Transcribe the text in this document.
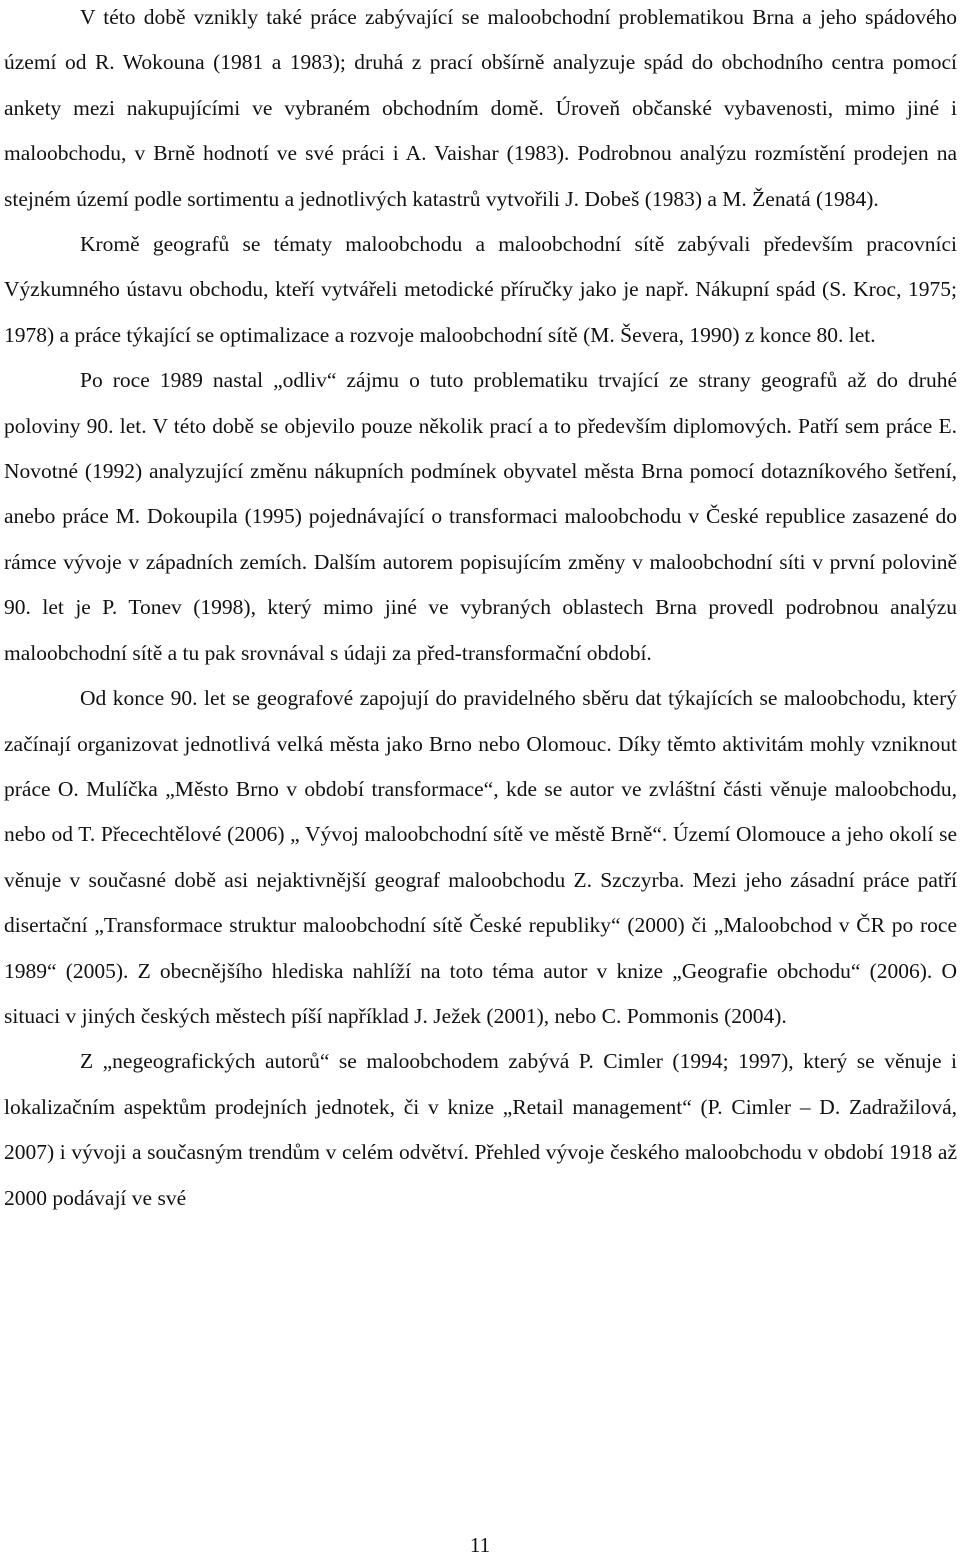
V této době vznikly také práce zabývající se maloobchodní problematikou Brna a jeho spádového území od R. Wokouna (1981 a 1983); druhá z prací obšírně analyzuje spád do obchodního centra pomocí ankety mezi nakupujícími ve vybraném obchodním domě. Úroveň občanské vybavenosti, mimo jiné i maloobchodu, v Brně hodnotí ve své práci i A. Vaishar (1983). Podrobnou analýzu rozmístění prodejen na stejném území podle sortimentu a jednotlivých katastrů vytvořili J. Dobeš (1983) a M. Ženatá (1984).

Kromě geografů se tématy maloobchodu a maloobchodní sítě zabývali především pracovníci Výzkumného ústavu obchodu, kteří vytvářeli metodické příručky jako je např. Nákupní spád (S. Kroc, 1975; 1978) a práce týkající se optimalizace a rozvoje maloobchodní sítě (M. Ševera, 1990) z konce 80. let.

Po roce 1989 nastal „odliv“ zájmu o tuto problematiku trvající ze strany geografů až do druhé poloviny 90. let. V této době se objevilo pouze několik prací a to především diplomových. Patří sem práce E. Novotné (1992) analyzující změnu nákupních podmínek obyvatel města Brna pomocí dotazníkového šetření, anebo práce M. Dokoupila (1995) pojednávající o transformaci maloobchodu v České republice zasazené do rámce vývoje v západních zemích. Dalším autorem popisujícím změny v maloobchodní síti v první polovině 90. let je P. Tonev (1998), který mimo jiné ve vybraných oblastech Brna provedl podrobnou analýzu maloobchodní sítě a tu pak srovnával s údaji za před-transformační období.

Od konce 90. let se geografové zapojují do pravidelného sběru dat týkajících se maloobchodu, který začínají organizovat jednotlivá velká města jako Brno nebo Olomouc. Díky těmto aktivitám mohly vzniknout práce O. Mulíčka „Město Brno v období transformace“, kde se autor ve zvláštní části věnuje maloobchodu, nebo od T. Přecechtělové (2006) „ Vývoj maloobchodní sítě ve městě Brně“. Území Olomouce a jeho okolí se věnuje v současné době asi nejaktivnější geograf maloobchodu Z. Szczyrba. Mezi jeho zásadní práce patří disertační „Transformace struktur maloobchodní sítě České republiky“ (2000) či „Maloobchod v ČR po roce 1989“ (2005). Z obecnějšího hlediska nahlíží na toto téma autor v knize „Geografie obchodu“ (2006). O situaci v jiných českých městech píší například J. Ježek (2001), nebo C. Pommonis (2004).

Z „negeografických autorů“ se maloobchodem zabývá P. Cimler (1994; 1997), který se věnuje i lokalizačním aspektům prodejních jednotek, či v knize „Retail management“ (P. Cimler – D. Zadražilová, 2007) i vývoji a současným trendům v celém odvětví. Přehled vývoje českého maloobchodu v období 1918 až 2000 podávají ve své

11
